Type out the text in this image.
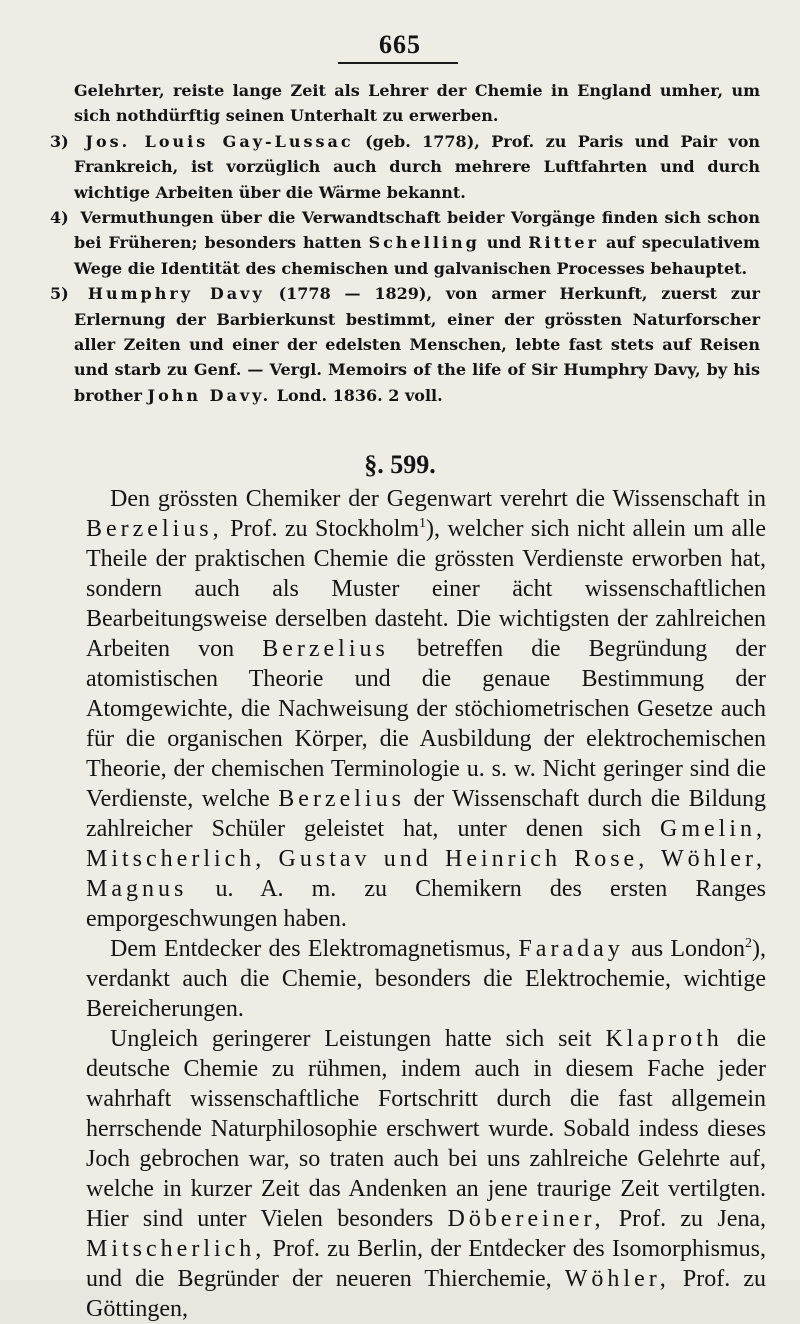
665

Gelehrter, reiste lange Zeit als Lehrer der Chemie in England umher, um sich nothdürftig seinen Unterhalt zu erwerben.

3) Jos. Louis Gay-Lussac (geb. 1778), Prof. zu Paris und Pair von Frankreich, ist vorzüglich auch durch mehrere Luftfahrten und durch wichtige Arbeiten über die Wärme bekannt.

4) Vermuthungen über die Verwandtschaft beider Vorgänge finden sich schon bei Früheren; besonders hatten Schelling und Ritter auf speculativem Wege die Identität des chemischen und galvanischen Processes behauptet.

5) Humphry Davy (1778 — 1829), von armer Herkunft, zuerst zur Erlernung der Barbierkunst bestimmt, einer der grössten Naturforscher aller Zeiten und einer der edelsten Menschen, lebte fast stets auf Reisen und starb zu Genf. — Vergl. Memoirs of the life of Sir Humphry Davy, by his brother John Davy. Lond. 1836. 2 voll.

§. 599.

Den grössten Chemiker der Gegenwart verehrt die Wissenschaft in Berzelius, Prof. zu Stockholm$^1$), welcher sich nicht allein um alle Theile der praktischen Chemie die grössten Verdienste erworben hat, sondern auch als Muster einer ächt wissenschaftlichen Bearbeitungsweise derselben dasteht. Die wichtigsten der zahlreichen Arbeiten von Berzelius betreffen die Begründung der atomistischen Theorie und die genaue Bestimmung der Atomgewichte, die Nachweisung der stöchiometrischen Gesetze auch für die organischen Körper, die Ausbildung der elektrochemischen Theorie, der chemischen Terminologie u. s. w. Nicht geringer sind die Verdienste, welche Berzelius der Wissenschaft durch die Bildung zahlreicher Schüler geleistet hat, unter denen sich Gmelin, Mitscherlich, Gustav und Heinrich Rose, Wöhler, Magnus u. A. m. zu Chemikern des ersten Ranges emporgeschwungen haben.

Dem Entdecker des Elektromagnetismus, Faraday aus London$^2$), verdankt auch die Chemie, besonders die Elektrochemie, wichtige Bereicherungen.

Ungleich geringerer Leistungen hatte sich seit Klaproth die deutsche Chemie zu rühmen, indem auch in diesem Fache jeder wahrhaft wissenschaftliche Fortschritt durch die fast allgemein herrschende Naturphilosophie erschwert wurde. Sobald indess dieses Joch gebrochen war, so traten auch bei uns zahlreiche Gelehrte auf, welche in kurzer Zeit das Andenken an jene traurige Zeit vertilgten. Hier sind unter Vielen besonders Döbereiner, Prof. zu Jena, Mitscherlich, Prof. zu Berlin, der Entdecker des Isomorphismus, und die Begründer der neueren Thierchemie, Wöhler, Prof. zu Göttingen,
